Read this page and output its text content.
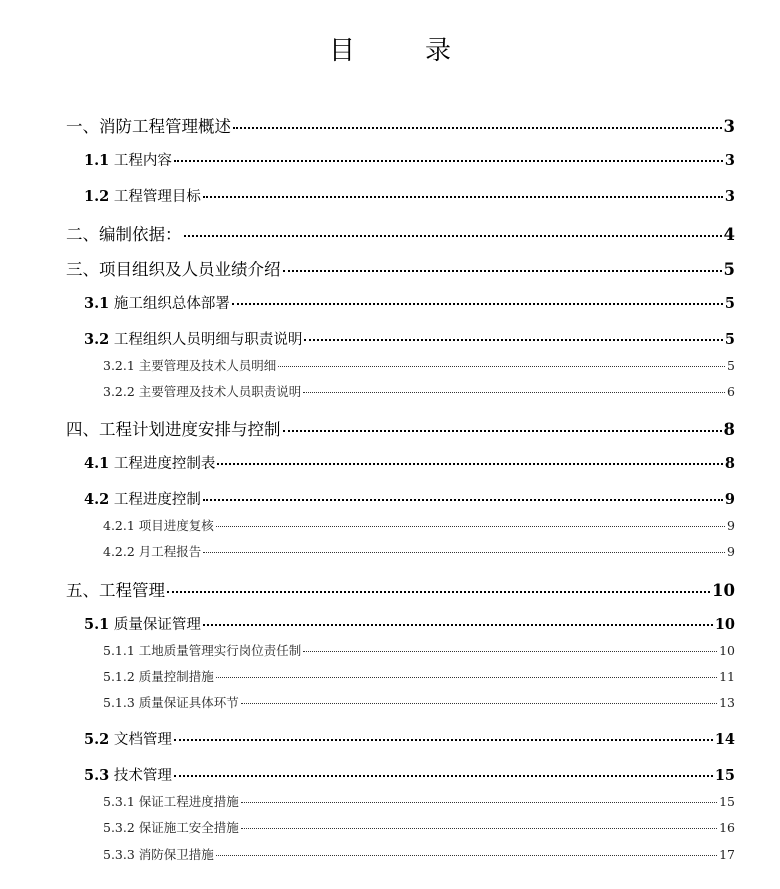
目	录
一、消防工程管理概述	3
1.1 工程内容	3
1.2 工程管理目标	3
二、编制依据：	4
三、项目组织及人员业绩介绍	5
3.1 施工组织总体部署	5
3.2 工程组织人员明细与职责说明	5
3.2.1 主要管理及技术人员明细	5
3.2.2 主要管理及技术人员职责说明	6
四、工程计划进度安排与控制	8
4.1 工程进度控制表	8
4.2 工程进度控制	9
4.2.1 项目进度复核	9
4.2.2 月工程报告	9
五、工程管理	10
5.1 质量保证管理	10
5.1.1 工地质量管理实行岗位责任制	10
5.1.2 质量控制措施	11
5.1.3 质量保证具体环节	13
5.2 文档管理	14
5.3 技术管理	15
5.3.1 保证工程进度措施	15
5.3.2 保证施工安全措施	16
5.3.3 消防保卫措施	17
